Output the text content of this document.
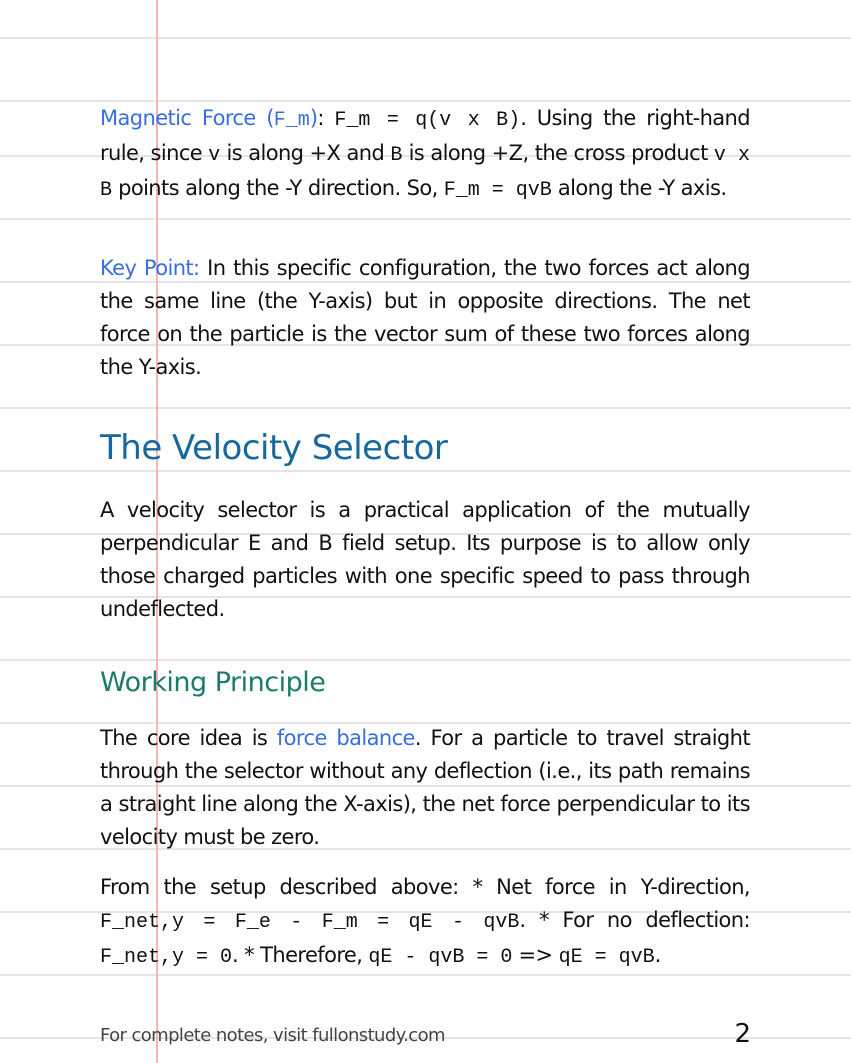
Magnetic Force (F_m): F_m = q(v x B). Using the right-hand rule, since v is along +X and B is along +Z, the cross product v x B points along the -Y direction. So, F_m = qvB along the -Y axis.

Key Point: In this specific configuration, the two forces act along the same line (the Y-axis) but in opposite directions. The net force on the particle is the vector sum of these two forces along the Y-axis.

The Velocity Selector

A velocity selector is a practical application of the mutually perpendicular E and B field setup. Its purpose is to allow only those charged particles with one specific speed to pass through undeflected.

Working Principle

The core idea is force balance. For a particle to travel straight through the selector without any deflection (i.e., its path remains a straight line along the X-axis), the net force perpendicular to its velocity must be zero.

From the setup described above: * Net force in Y-direction, F_net,y = F_e - F_m = qE - qvB. * For no deflection: F_net,y = 0. * Therefore, qE - qvB = 0 => qE = qvB.

For complete notes, visit fullonstudy.com	2
